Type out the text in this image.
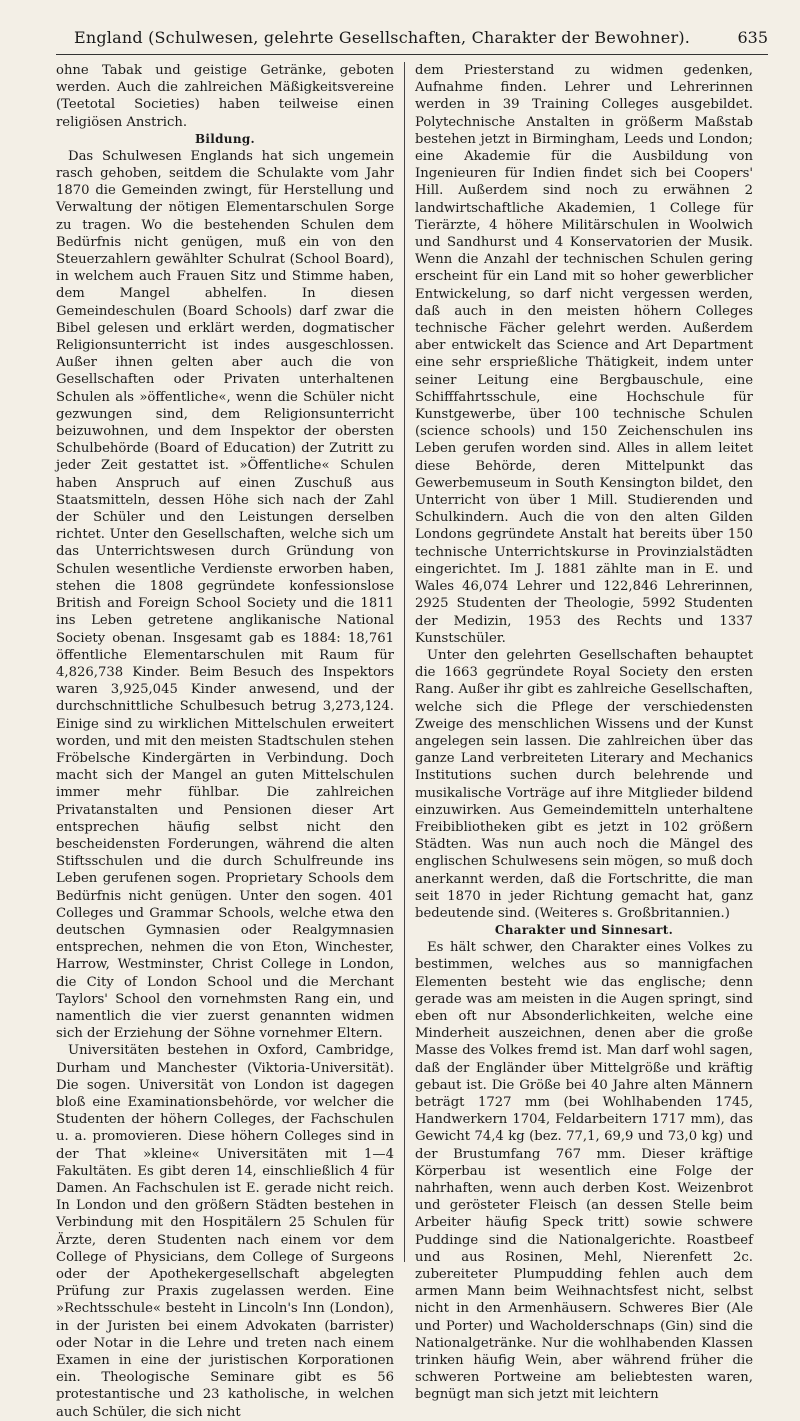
England (Schulwesen, gelehrte Gesellschaften, Charakter der Bewohner).	635

ohne Tabak und geistige Getränke, geboten werden. Auch die zahlreichen Mäßigkeitsvereine (Teetotal Societies) haben teilweise einen religiösen Anstrich.

Bildung.

Das Schulwesen Englands hat sich ungemein rasch gehoben, seitdem die Schulakte vom Jahr 1870 die Gemeinden zwingt, für Herstellung und Verwaltung der nötigen Elementarschulen Sorge zu tragen. Wo die bestehenden Schulen dem Bedürfnis nicht genügen, muß ein von den Steuerzahlern gewählter Schulrat (School Board), in welchem auch Frauen Sitz und Stimme haben, dem Mangel abhelfen. In diesen Gemeindeschulen (Board Schools) darf zwar die Bibel gelesen und erklärt werden, dogmatischer Religionsunterricht ist indes ausgeschlossen. Außer ihnen gelten aber auch die von Gesellschaften oder Privaten unterhaltenen Schulen als »öffentliche«, wenn die Schüler nicht gezwungen sind, dem Religionsunterricht beizuwohnen, und dem Inspektor der obersten Schulbehörde (Board of Education) der Zutritt zu jeder Zeit gestattet ist. »Öffentliche« Schulen haben Anspruch auf einen Zuschuß aus Staatsmitteln, dessen Höhe sich nach der Zahl der Schüler und den Leistungen derselben richtet. Unter den Gesellschaften, welche sich um das Unterrichtswesen durch Gründung von Schulen wesentliche Verdienste erworben haben, stehen die 1808 gegründete konfessionslose British and Foreign School Society und die 1811 ins Leben getretene anglikanische National Society obenan. Insgesamt gab es 1884: 18,761 öffentliche Elementarschulen mit Raum für 4,826,738 Kinder. Beim Besuch des Inspektors waren 3,925,045 Kinder anwesend, und der durchschnittliche Schulbesuch betrug 3,273,124. Einige sind zu wirklichen Mittelschulen erweitert worden, und mit den meisten Stadtschulen stehen Fröbelsche Kindergärten in Verbindung. Doch macht sich der Mangel an guten Mittelschulen immer mehr fühlbar. Die zahlreichen Privatanstalten und Pensionen dieser Art entsprechen häufig selbst nicht den bescheidensten Forderungen, während die alten Stiftsschulen und die durch Schulfreunde ins Leben gerufenen sogen. Proprietary Schools dem Bedürfnis nicht genügen. Unter den sogen. 401 Colleges und Grammar Schools, welche etwa den deutschen Gymnasien oder Realgymnasien entsprechen, nehmen die von Eton, Winchester, Harrow, Westminster, Christ College in London, die City of London School und die Merchant Taylors' School den vornehmsten Rang ein, und namentlich die vier zuerst genannten widmen sich der Erziehung der Söhne vornehmer Eltern.

Universitäten bestehen in Oxford, Cambridge, Durham und Manchester (Viktoria-Universität). Die sogen. Universität von London ist dagegen bloß eine Examinationsbehörde, vor welcher die Studenten der höhern Colleges, der Fachschulen u. a. promovieren. Diese höhern Colleges sind in der That »kleine« Universitäten mit 1—4 Fakultäten. Es gibt deren 14, einschließlich 4 für Damen. An Fachschulen ist E. gerade nicht reich. In London und den größern Städten bestehen in Verbindung mit den Hospitälern 25 Schulen für Ärzte, deren Studenten nach einem vor dem College of Physicians, dem College of Surgeons oder der Apothekergesellschaft abgelegten Prüfung zur Praxis zugelassen werden. Eine »Rechtsschule« besteht in Lincoln's Inn (London), in der Juristen bei einem Advokaten (barrister) oder Notar in die Lehre und treten nach einem Examen in eine der juristischen Korporationen ein. Theologische Seminare gibt es 56 protestantische und 23 katholische, in welchen auch Schüler, die sich nicht

dem Priesterstand zu widmen gedenken, Aufnahme finden. Lehrer und Lehrerinnen werden in 39 Training Colleges ausgebildet. Polytechnische Anstalten in größerm Maßstab bestehen jetzt in Birmingham, Leeds und London; eine Akademie für die Ausbildung von Ingenieuren für Indien findet sich bei Coopers' Hill. Außerdem sind noch zu erwähnen 2 landwirtschaftliche Akademien, 1 College für Tierärzte, 4 höhere Militärschulen in Woolwich und Sandhurst und 4 Konservatorien der Musik. Wenn die Anzahl der technischen Schulen gering erscheint für ein Land mit so hoher gewerblicher Entwickelung, so darf nicht vergessen werden, daß auch in den meisten höhern Colleges technische Fächer gelehrt werden. Außerdem aber entwickelt das Science and Art Department eine sehr ersprießliche Thätigkeit, indem unter seiner Leitung eine Bergbauschule, eine Schifffahrtsschule, eine Hochschule für Kunstgewerbe, über 100 technische Schulen (science schools) und 150 Zeichenschulen ins Leben gerufen worden sind. Alles in allem leitet diese Behörde, deren Mittelpunkt das Gewerbemuseum in South Kensington bildet, den Unterricht von über 1 Mill. Studierenden und Schulkindern. Auch die von den alten Gilden Londons gegründete Anstalt hat bereits über 150 technische Unterrichtskurse in Provinzialstädten eingerichtet. Im J. 1881 zählte man in E. und Wales 46,074 Lehrer und 122,846 Lehrerinnen, 2925 Studenten der Theologie, 5992 Studenten der Medizin, 1953 des Rechts und 1337 Kunstschüler.

Unter den gelehrten Gesellschaften behauptet die 1663 gegründete Royal Society den ersten Rang. Außer ihr gibt es zahlreiche Gesellschaften, welche sich die Pflege der verschiedensten Zweige des menschlichen Wissens und der Kunst angelegen sein lassen. Die zahlreichen über das ganze Land verbreiteten Literary and Mechanics Institutions suchen durch belehrende und musikalische Vorträge auf ihre Mitglieder bildend einzuwirken. Aus Gemeindemitteln unterhaltene Freibibliotheken gibt es jetzt in 102 größern Städten. Was nun auch noch die Mängel des englischen Schulwesens sein mögen, so muß doch anerkannt werden, daß die Fortschritte, die man seit 1870 in jeder Richtung gemacht hat, ganz bedeutende sind. (Weiteres s. Großbritannien.)

Charakter und Sinnesart.

Es hält schwer, den Charakter eines Volkes zu bestimmen, welches aus so mannigfachen Elementen besteht wie das englische; denn gerade was am meisten in die Augen springt, sind eben oft nur Absonderlichkeiten, welche eine Minderheit auszeichnen, denen aber die große Masse des Volkes fremd ist. Man darf wohl sagen, daß der Engländer über Mittelgröße und kräftig gebaut ist. Die Größe bei 40 Jahre alten Männern beträgt 1727 mm (bei Wohlhabenden 1745, Handwerkern 1704, Feldarbeitern 1717 mm), das Gewicht 74,4 kg (bez. 77,1, 69,9 und 73,0 kg) und der Brustumfang 767 mm. Dieser kräftige Körperbau ist wesentlich eine Folge der nahrhaften, wenn auch derben Kost. Weizenbrot und gerösteter Fleisch (an dessen Stelle beim Arbeiter häufig Speck tritt) sowie schwere Puddinge sind die Nationalgerichte. Roastbeef und aus Rosinen, Mehl, Nierenfett 2c. zubereiteter Plumpudding fehlen auch dem armen Mann beim Weihnachtsfest nicht, selbst nicht in den Armenhäusern. Schweres Bier (Ale und Porter) und Wacholderschnaps (Gin) sind die Nationalgetränke. Nur die wohlhabenden Klassen trinken häufig Wein, aber während früher die schweren Portweine am beliebtesten waren, begnügt man sich jetzt mit leichtern
